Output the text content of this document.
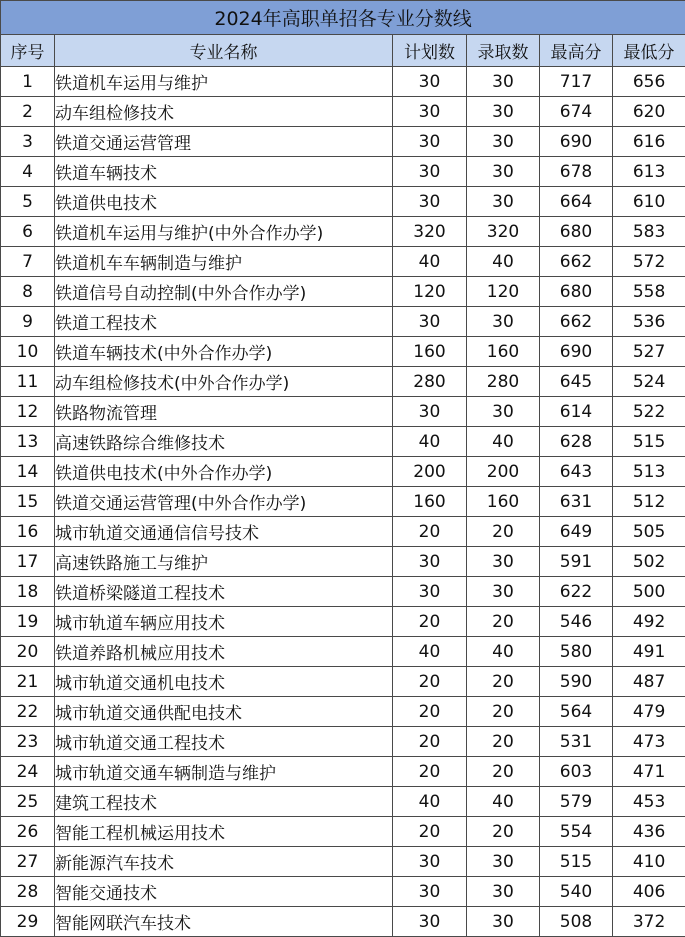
2024年高职单招各专业分数线					
序号	专业名称	计划数	录取数	最高分	最低分
1	铁道机车运用与维护	30	30	717	656
2	动车组检修技术	30	30	674	620
3	铁道交通运营管理	30	30	690	616
4	铁道车辆技术	30	30	678	613
5	铁道供电技术	30	30	664	610
6	铁道机车运用与维护(中外合作办学)	320	320	680	583
7	铁道机车车辆制造与维护	40	40	662	572
8	铁道信号自动控制(中外合作办学)	120	120	680	558
9	铁道工程技术	30	30	662	536
10	铁道车辆技术(中外合作办学)	160	160	690	527
11	动车组检修技术(中外合作办学)	280	280	645	524
12	铁路物流管理	30	30	614	522
13	高速铁路综合维修技术	40	40	628	515
14	铁道供电技术(中外合作办学)	200	200	643	513
15	铁道交通运营管理(中外合作办学)	160	160	631	512
16	城市轨道交通通信信号技术	20	20	649	505
17	高速铁路施工与维护	30	30	591	502
18	铁道桥梁隧道工程技术	30	30	622	500
19	城市轨道车辆应用技术	20	20	546	492
20	铁道养路机械应用技术	40	40	580	491
21	城市轨道交通机电技术	20	20	590	487
22	城市轨道交通供配电技术	20	20	564	479
23	城市轨道交通工程技术	20	20	531	473
24	城市轨道交通车辆制造与维护	20	20	603	471
25	建筑工程技术	40	40	579	453
26	智能工程机械运用技术	20	20	554	436
27	新能源汽车技术	30	30	515	410
28	智能交通技术	30	30	540	406
29	智能网联汽车技术	30	30	508	372
